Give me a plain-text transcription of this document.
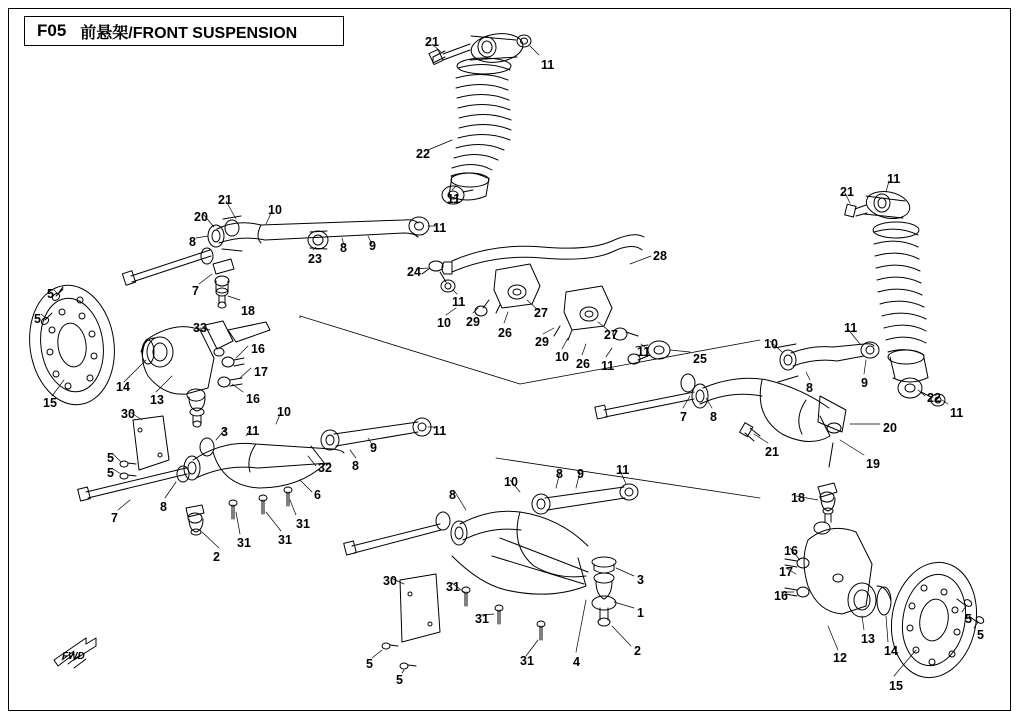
F05 前悬架/FRONT SUSPENSION
FWD
21
11
22
11	21
11
21
20	10
8
11
23
8 9
28
24
7
18
11
10 29
26
27
29	27
10 26 11
11	25
5
5
33
16
17
16
14
13
15
10
11
8	9
22
11
7 8
20
21
19
30
3 11
10
11
9
8
32
6
5
5
8
7
31 31
2
31
10
8 9	11
8	18
16
17
16
3
1
2
30	31
31
31	4
5
5
12
13
14
15
5
5
